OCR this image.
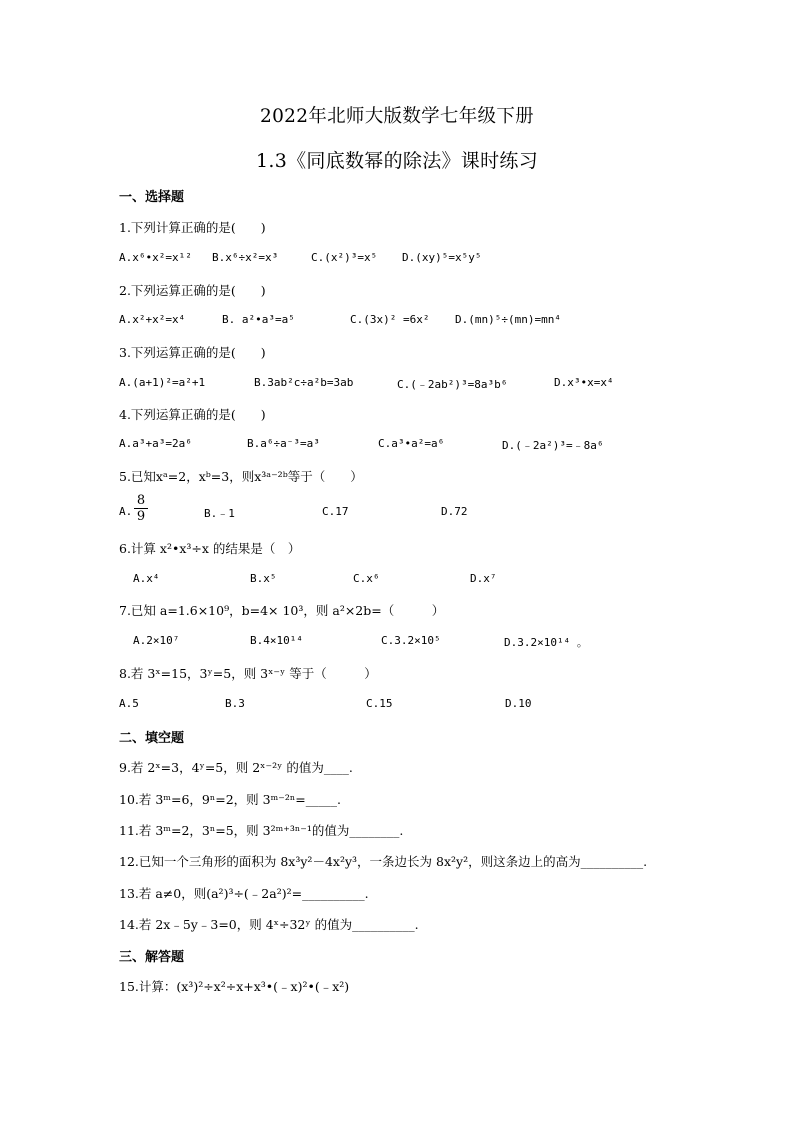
2022年北师大版数学七年级下册
1.3《同底数幂的除法》课时练习
一、选择题
1.下列计算正确的是(　　)
A.x⁶•x²=x¹² B.x⁶÷x²=x³	C.(x²)³=x⁵ D.(xy)⁵=x⁵y⁵
2.下列运算正确的是(　　)
A.x²+x²=x⁴	B. a²•a³=a⁵	C.(3x)² =6x² D.(mn)⁵÷(mn)=mn⁴
3.下列运算正确的是(　　)
A.(a+1)²=a²+1	B.3ab²c÷a²b=3ab	C.(﹣2ab²)³=8a³b⁶	D.x³•x=x⁴
4.下列运算正确的是(　　)
A.a³+a³=2a⁶	B.a⁶÷a⁻³=a³	C.a³•a²=a⁶	D.(﹣2a²)³=﹣8a⁶
5.已知xᵃ=2，xᵇ=3，则x³ᵃ⁻²ᵇ等于（　　）
A. $\frac{8}{9}$	B.﹣1	C.17	D.72
6.计算 x²•x³÷x 的结果是（　）
A.x⁴	B.x⁵	C.x⁶	D.x⁷
7.已知 a=1.6×10⁹，b=4× 10³，则 a²×2b=（　　　）
A.2×10⁷	B.4×10¹⁴	C.3.2×10⁵	D.3.2×10¹⁴ 。
8.若 3ˣ=15，3ʸ=5，则 3ˣ⁻ʸ 等于（　　　）
A.5	B.3	C.15	D.10
二、填空题
9.若 2ˣ=3，4ʸ=5，则 2ˣ⁻²ʸ 的值为____.
10.若 3ᵐ=6，9ⁿ=2，则 3ᵐ⁻²ⁿ=_____.
11.若 3ᵐ=2，3ⁿ=5，则 3²ᵐ⁺³ⁿ⁻¹的值为________.
12.已知一个三角形的面积为 8x³y²－4x²y³，一条边长为 8x²y²，则这条边上的高为__________.
13.若 a≠0，则(a²)³÷(﹣2a²)²=__________.
14.若 2x﹣5y﹣3=0，则 4ˣ÷32ʸ 的值为__________.
三、解答题
15.计算：(x³)²÷x²÷x+x³•(﹣x)²•(﹣x²)
